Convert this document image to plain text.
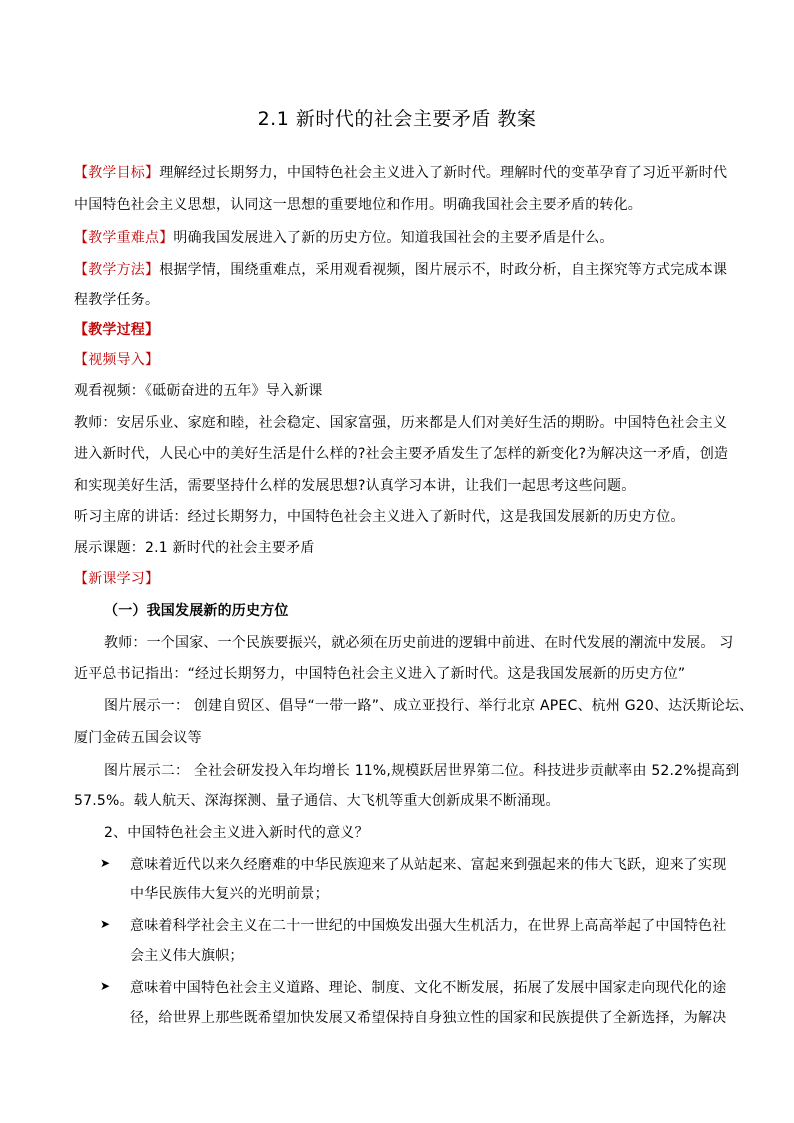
2.1 新时代的社会主要矛盾 教案
【教学目标】理解经过长期努力，中国特色社会主义进入了新时代。理解时代的变革孕育了习近平新时代
中国特色社会主义思想，认同这一思想的重要地位和作用。明确我国社会主要矛盾的转化。
【教学重难点】明确我国发展进入了新的历史方位。知道我国社会的主要矛盾是什么。
【教学方法】根据学情，围绕重难点，采用观看视频，图片展示不，时政分析，自主探究等方式完成本课
程教学任务。
【教学过程】
【视频导入】
观看视频：《砥砺奋进的五年》导入新课
教师：安居乐业、家庭和睦，社会稳定、国家富强，历来都是人们对美好生活的期盼。中国特色社会主义
进入新时代，人民心中的美好生活是什么样的?社会主要矛盾发生了怎样的新变化?为解决这一矛盾，创造
和实现美好生活，需要坚持什么样的发展思想?认真学习本讲，让我们一起思考这些问题。
听习主席的讲话：经过长期努力，中国特色社会主义进入了新时代，这是我国发展新的历史方位。
展示课题：2.1 新时代的社会主要矛盾
【新课学习】
（一）我国发展新的历史方位
教师：一个国家、一个民族要振兴，就必须在历史前进的逻辑中前进、在时代发展的潮流中发展。 习
近平总书记指出：“经过长期努力，中国特色社会主义进入了新时代。这是我国发展新的历史方位”
图片展示一： 创建自贸区、倡导“一带一路”、成立亚投行、举行北京 APEC、杭州 G20、达沃斯论坛、
厦门金砖五国会议等
图片展示二： 全社会研发投入年均增长 11%,规模跃居世界第二位。科技进步贡献率由 52.2%提高到
57.5%。载人航天、深海探测、量子通信、大飞机等重大创新成果不断涌现。
2、中国特色社会主义进入新时代的意义？
➤ 意味着近代以来久经磨难的中华民族迎来了从站起来、富起来到强起来的伟大飞跃，迎来了实现
中华民族伟大复兴的光明前景；
➤ 意味着科学社会主义在二十一世纪的中国焕发出强大生机活力，在世界上高高举起了中国特色社
会主义伟大旗帜；
➤ 意味着中国特色社会主义道路、理论、制度、文化不断发展，拓展了发展中国家走向现代化的途
径，给世界上那些既希望加快发展又希望保持自身独立性的国家和民族提供了全新选择，为解决
